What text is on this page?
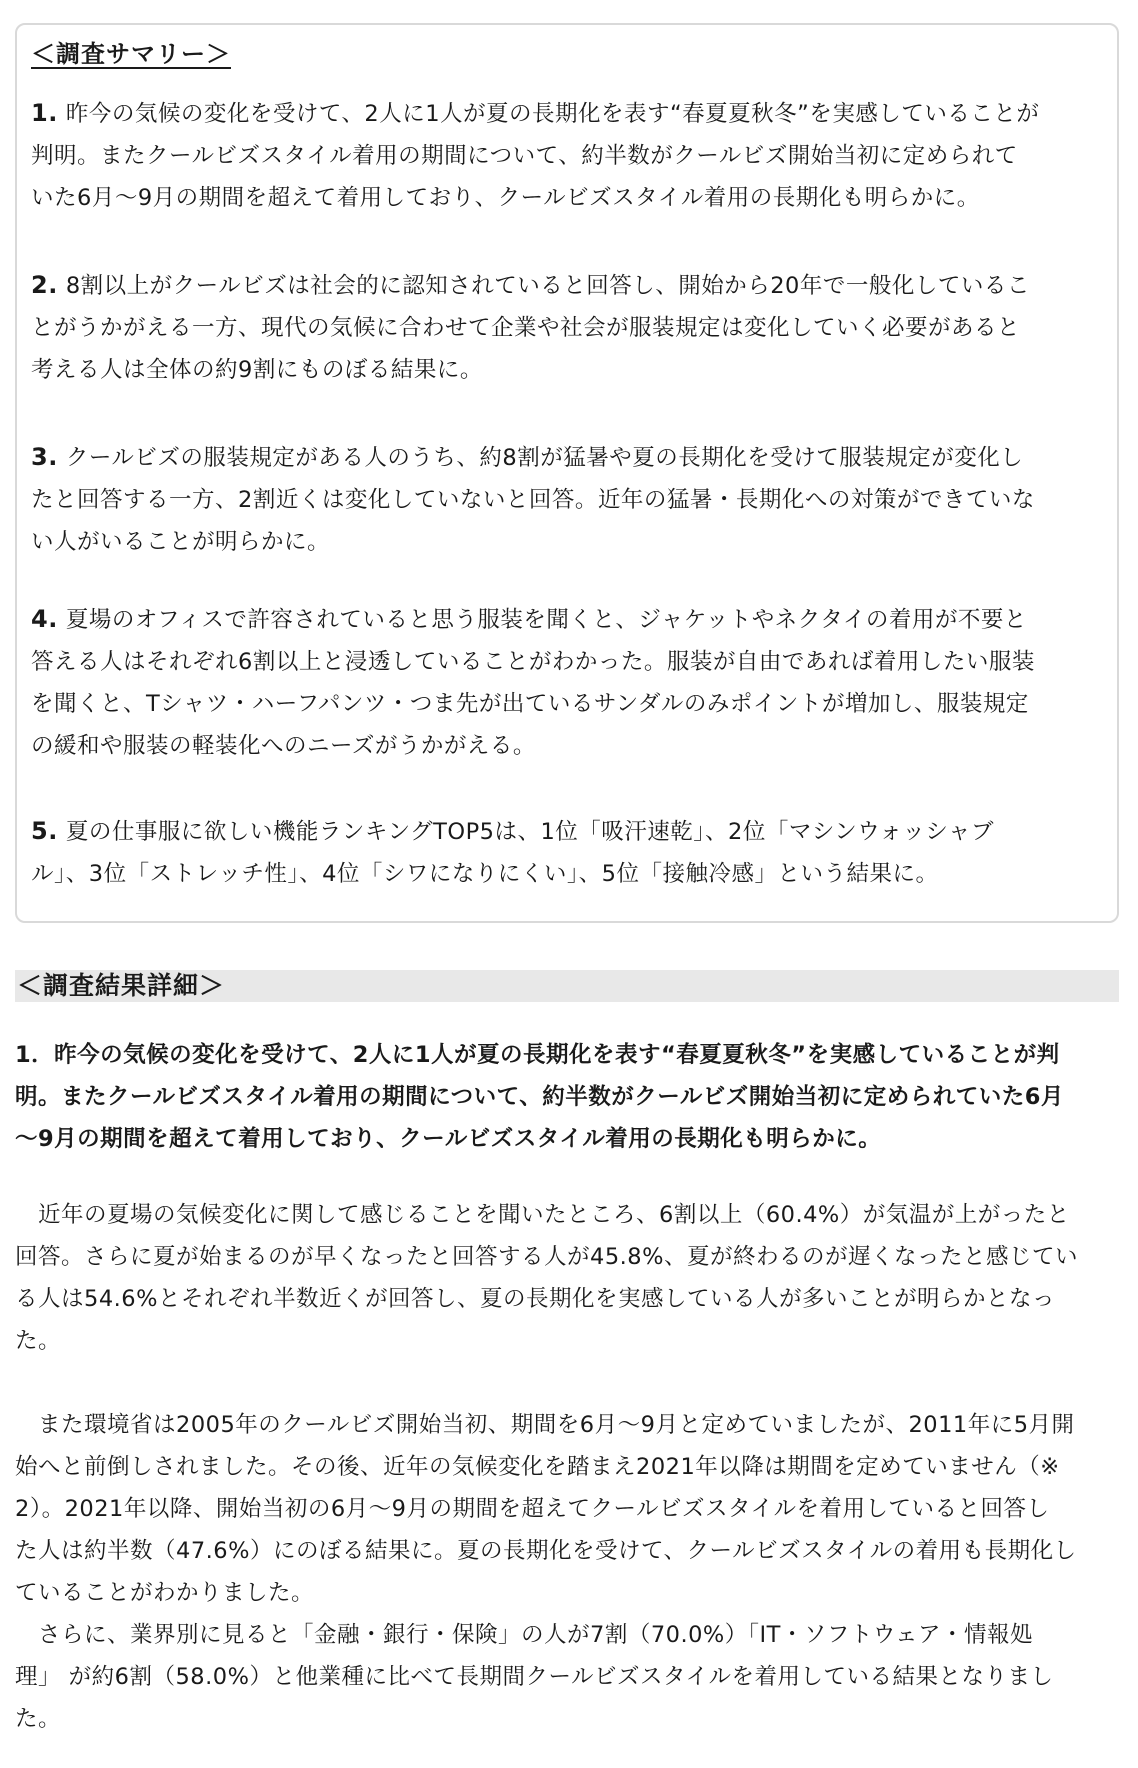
＜調査サマリー＞
1. 昨今の気候の変化を受けて、2人に1人が夏の長期化を表す“春夏夏秋冬”を実感していることが
判明。またクールビズスタイル着用の期間について、約半数がクールビズ開始当初に定められて
いた6月〜9月の期間を超えて着用しており、クールビズスタイル着用の長期化も明らかに。
2. 8割以上がクールビズは社会的に認知されていると回答し、開始から20年で一般化しているこ
とがうかがえる一方、現代の気候に合わせて企業や社会が服装規定は変化していく必要があると
考える人は全体の約9割にものぼる結果に。
3. クールビズの服装規定がある人のうち、約8割が猛暑や夏の長期化を受けて服装規定が変化し
たと回答する一方、2割近くは変化していないと回答。近年の猛暑・長期化への対策ができていな
い人がいることが明らかに。
4. 夏場のオフィスで許容されていると思う服装を聞くと、ジャケットやネクタイの着用が不要と
答える人はそれぞれ6割以上と浸透していることがわかった。服装が自由であれば着用したい服装
を聞くと、Tシャツ・ハーフパンツ・つま先が出ているサンダルのみポイントが増加し、服装規定
の緩和や服装の軽装化へのニーズがうかがえる。
5. 夏の仕事服に欲しい機能ランキングTOP5は、1位「吸汗速乾」、2位「マシンウォッシャブ
ル」、3位「ストレッチ性」、4位「シワになりにくい」、5位「接触冷感」という結果に。
＜調査結果詳細＞
1．昨今の気候の変化を受けて、2人に1人が夏の長期化を表す“春夏夏秋冬”を実感していることが判
明。またクールビズスタイル着用の期間について、約半数がクールビズ開始当初に定められていた6月
〜9月の期間を超えて着用しており、クールビズスタイル着用の長期化も明らかに。
　近年の夏場の気候変化に関して感じることを聞いたところ、6割以上（60.4%）が気温が上がったと
回答。さらに夏が始まるのが早くなったと回答する人が45.8%、夏が終わるのが遅くなったと感じてい
る人は54.6%とそれぞれ半数近くが回答し、夏の長期化を実感している人が多いことが明らかとなっ
た。
　また環境省は2005年のクールビズ開始当初、期間を6月〜9月と定めていましたが、2011年に5月開
始へと前倒しされました。その後、近年の気候変化を踏まえ2021年以降は期間を定めていません（※
2）。2021年以降、開始当初の6月〜9月の期間を超えてクールビズスタイルを着用していると回答し
た人は約半数（47.6%）にのぼる結果に。夏の長期化を受けて、クールビズスタイルの着用も長期化し
ていることがわかりました。
　さらに、業界別に見ると「金融・銀行・保険」の人が7割（70.0%）「IT・ソフトウェア・情報処
理」 が約6割（58.0%）と他業種に比べて長期間クールビズスタイルを着用している結果となりまし
た。
